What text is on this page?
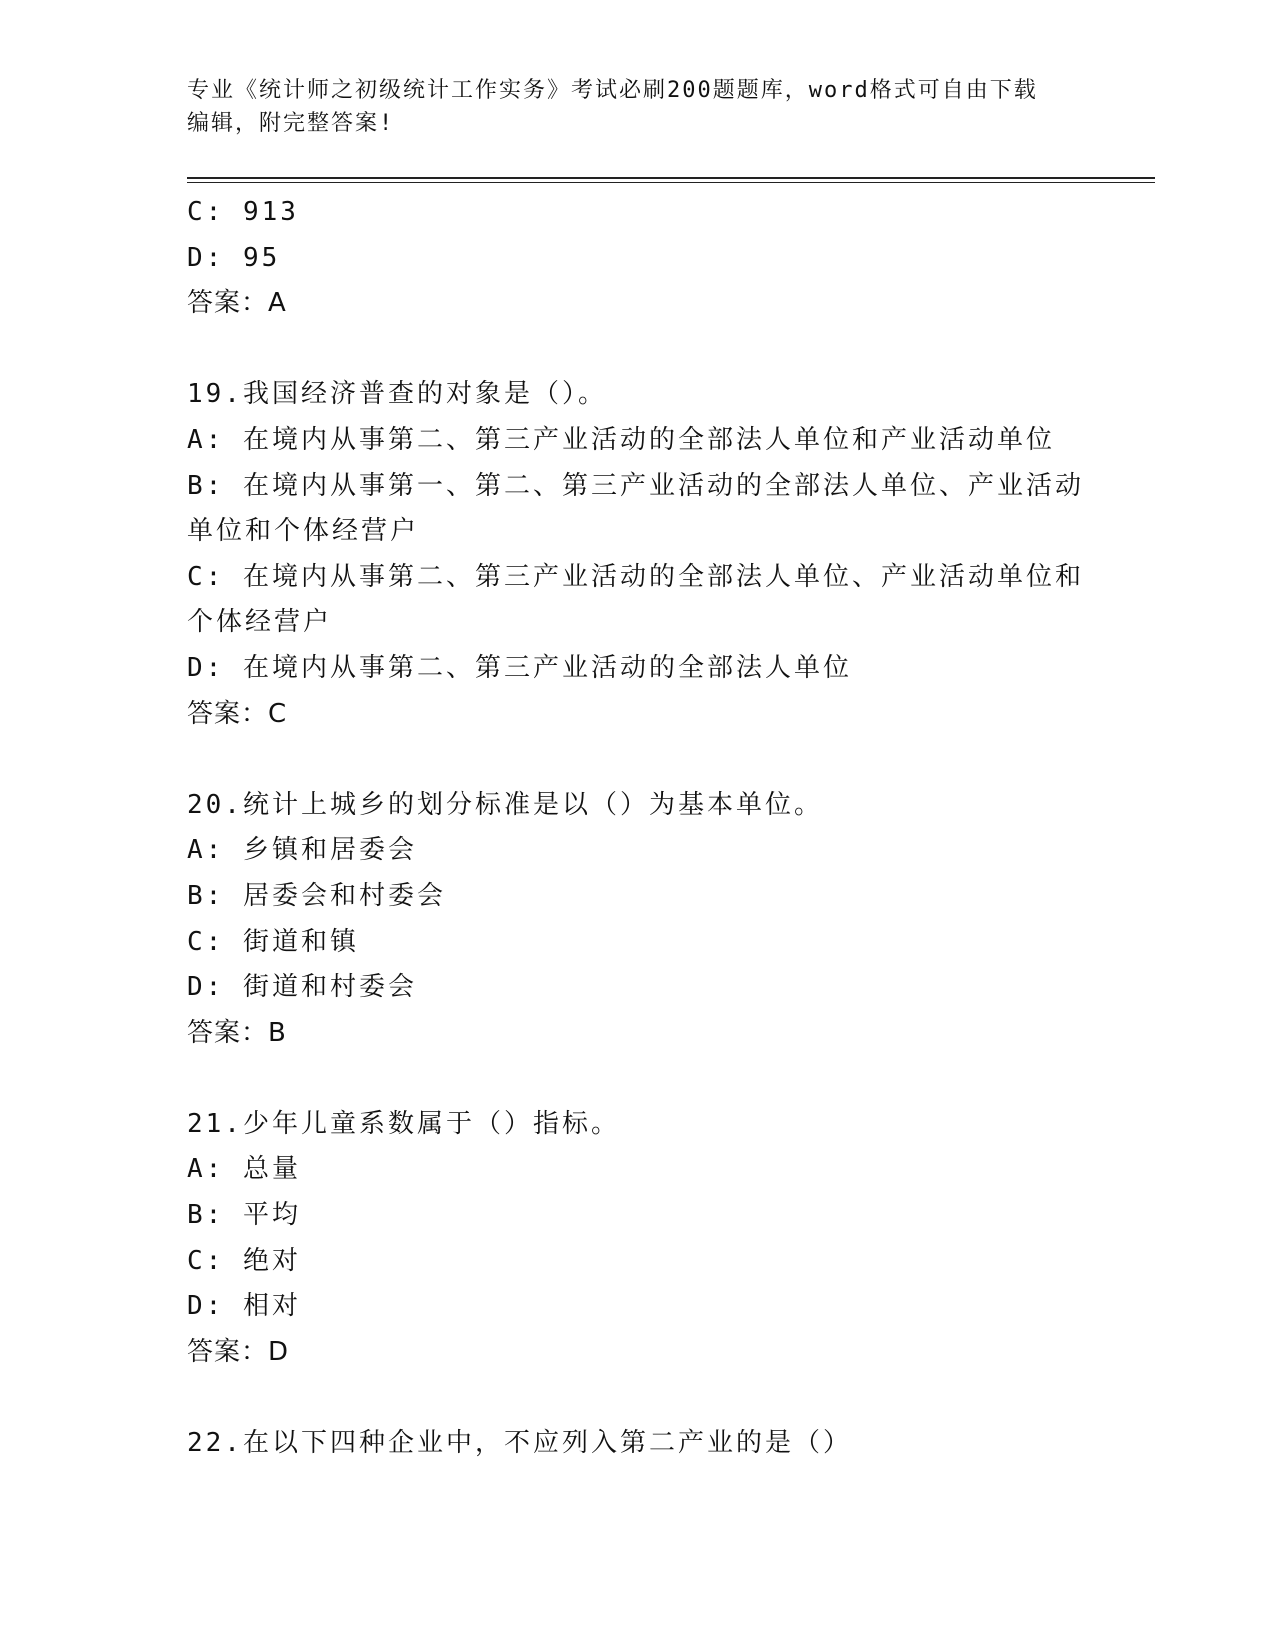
专业《统计师之初级统计工作实务》考试必刷200题题库，word格式可自由下载
编辑，附完整答案!
C: 913
D: 95
答案：A
19.我国经济普查的对象是（）。
A: 在境内从事第二、第三产业活动的全部法人单位和产业活动单位
B: 在境内从事第一、第二、第三产业活动的全部法人单位、产业活动
单位和个体经营户
C: 在境内从事第二、第三产业活动的全部法人单位、产业活动单位和
个体经营户
D: 在境内从事第二、第三产业活动的全部法人单位
答案：C
20.统计上城乡的划分标准是以（）为基本单位。
A: 乡镇和居委会
B: 居委会和村委会
C: 街道和镇
D: 街道和村委会
答案：B
21.少年儿童系数属于（）指标。
A: 总量
B: 平均
C: 绝对
D: 相对
答案：D
22.在以下四种企业中，不应列入第二产业的是（）
